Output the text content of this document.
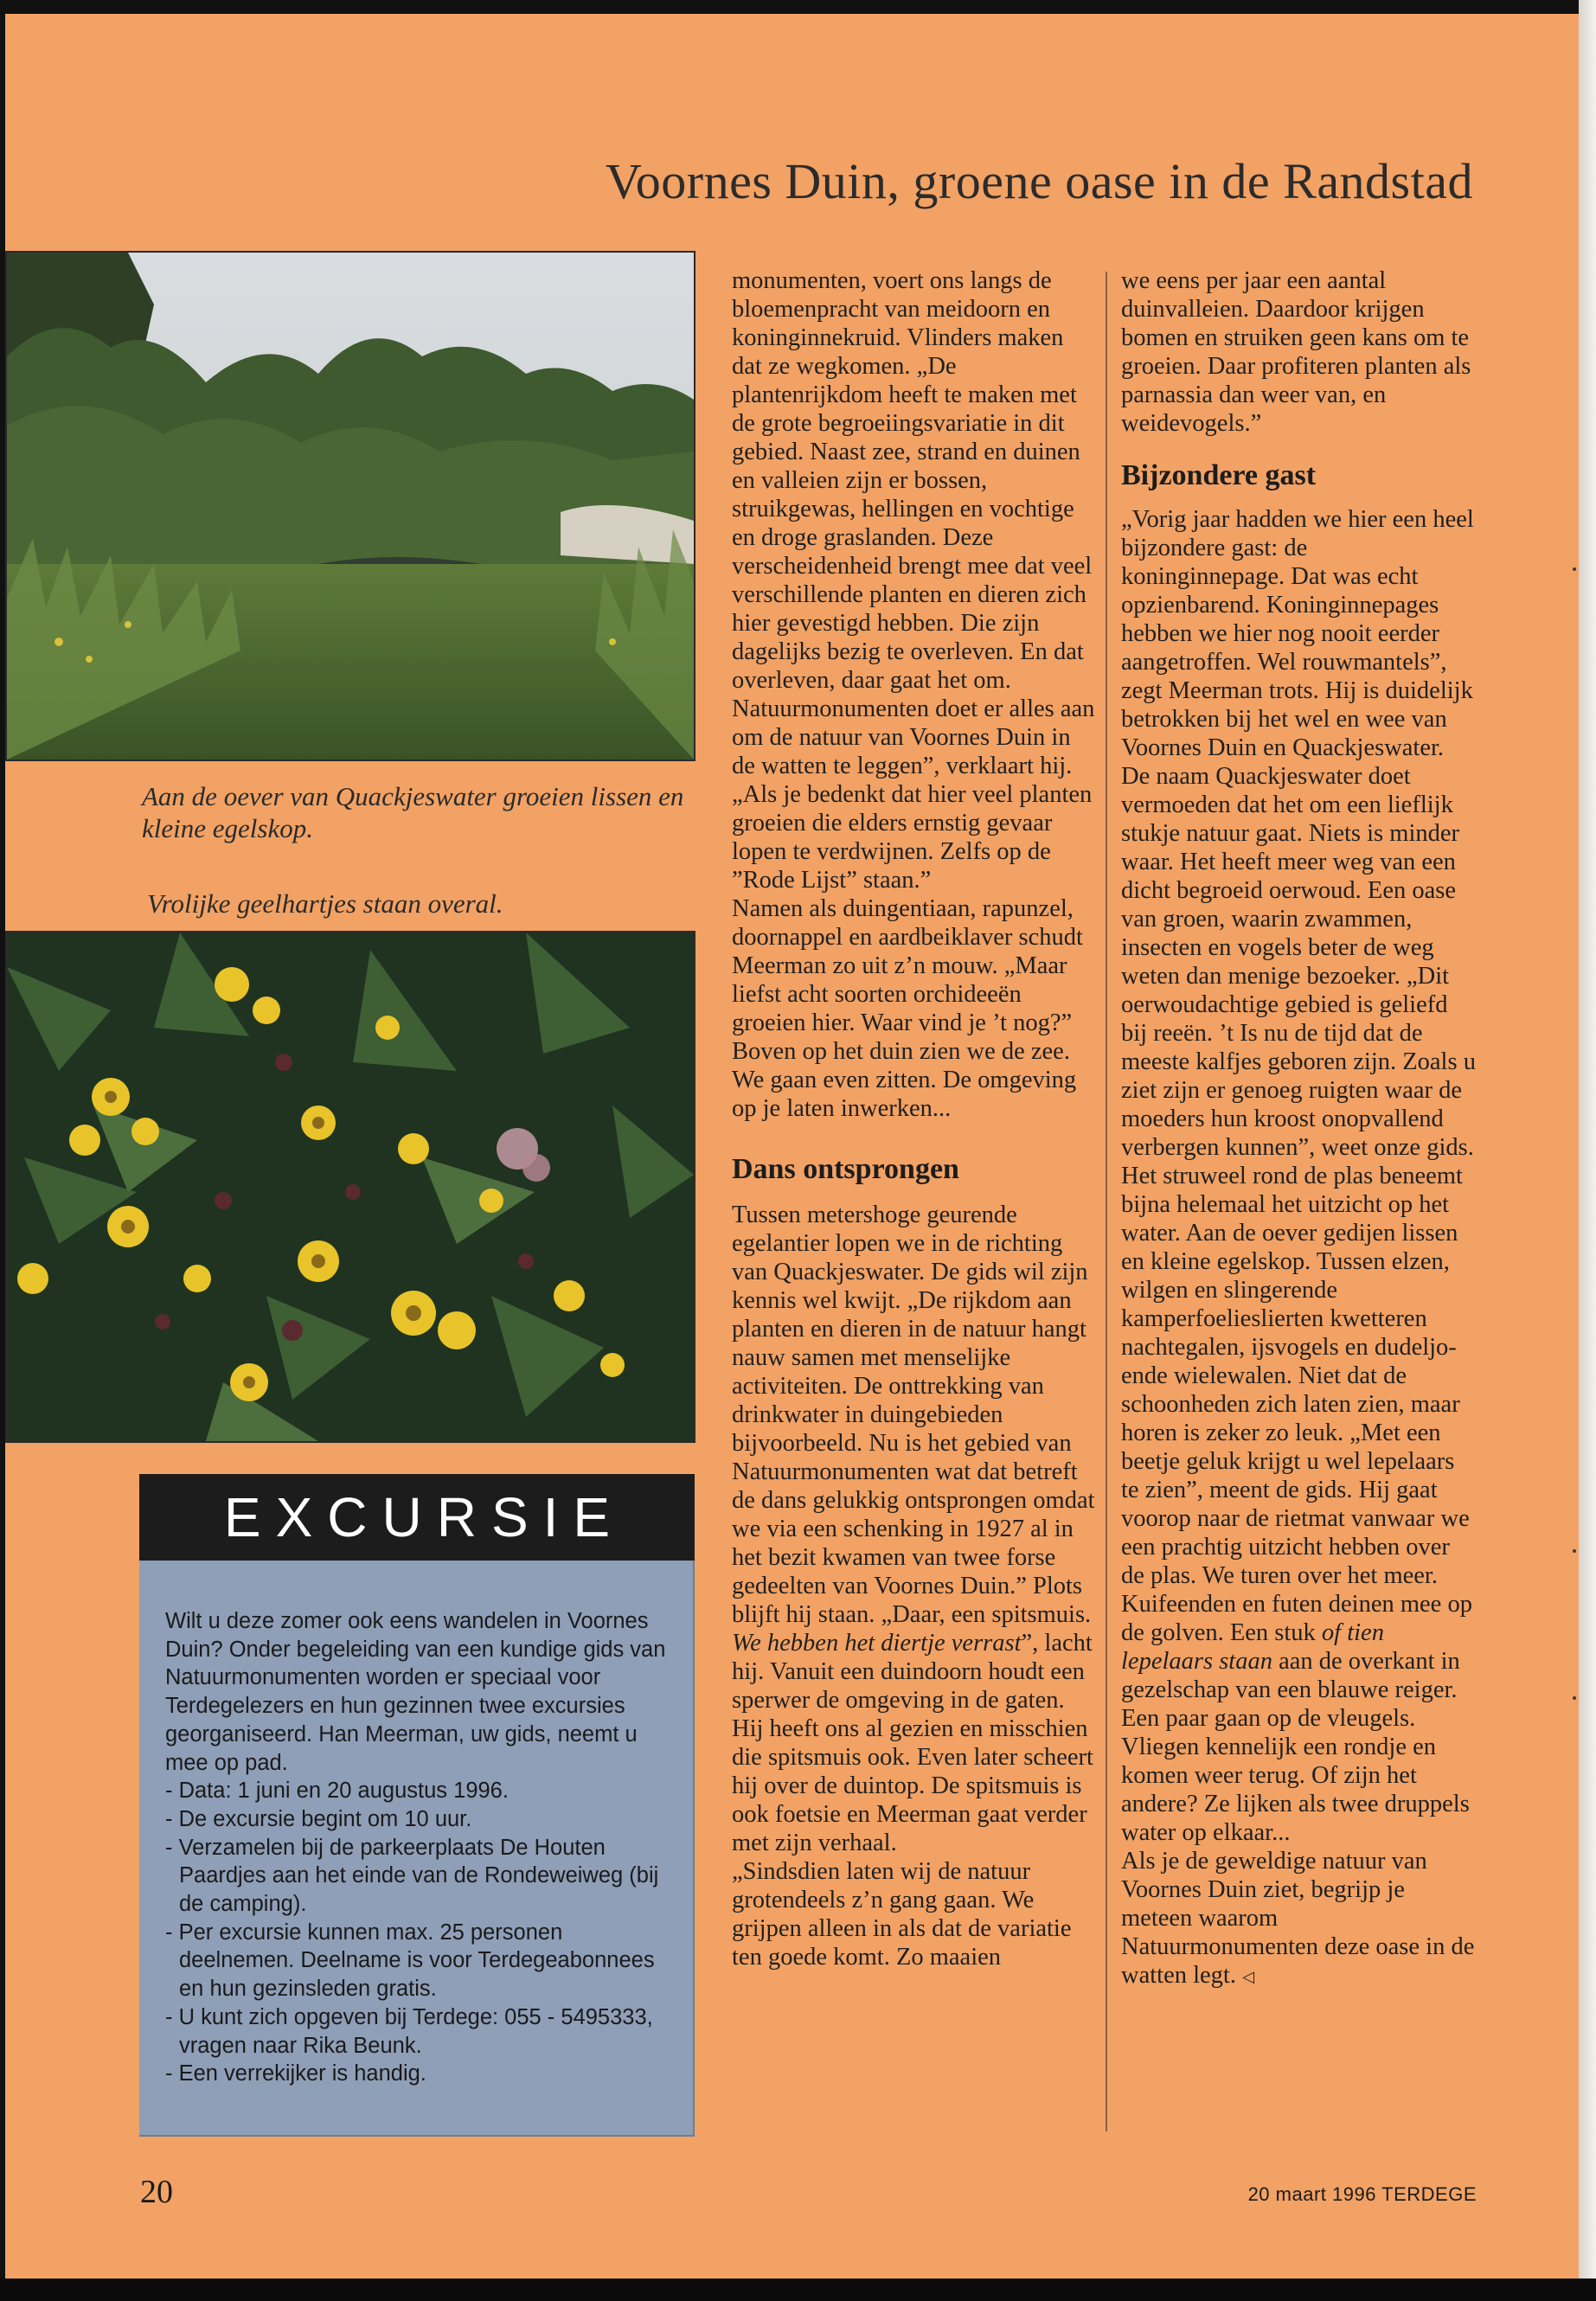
Voornes Duin, groene oase in de Randstad

Aan de oever van Quackjeswater groeien lissen en kleine egelskop.

Vrolijke geelhartjes staan overal.

EXCURSIE

Wilt u deze zomer ook eens wandelen in Voornes Duin? Onder begeleiding van een kundige gids van Natuurmonumenten worden er speciaal voor Terdegelezers en hun gezinnen twee excursies georganiseerd. Han Meerman, uw gids, neemt u mee op pad.

- Data: 1 juni en 20 augustus 1996.
- De excursie begint om 10 uur.
- Verzamelen bij de parkeerplaats De Houten Paardjes aan het einde van de Rondeweiweg (bij de camping).
- Per excursie kunnen max. 25 personen deelnemen. Deelname is voor Terdegeabonnees en hun gezinsleden gratis.
- U kunt zich opgeven bij Terdege: 055 - 5495333, vragen naar Rika Beunk.
- Een verrekijker is handig.

monumenten, voert ons langs de bloemenpracht van meidoorn en koninginnekruid. Vlinders maken dat ze wegkomen. „De plantenrijkdom heeft te maken met de grote begroeiingsvariatie in dit gebied. Naast zee, strand en duinen en valleien zijn er bossen, struikgewas, hellingen en vochtige en droge graslanden. Deze verscheidenheid brengt mee dat veel verschillende planten en dieren zich hier gevestigd hebben. Die zijn dagelijks bezig te overleven. En dat overleven, daar gaat het om. Natuurmonumenten doet er alles aan om de natuur van Voornes Duin in de watten te leggen”, verklaart hij. „Als je bedenkt dat hier veel planten groeien die elders ernstig gevaar lopen te verdwijnen. Zelfs op de ”Rode Lijst” staan.”

Namen als duingentiaan, rapunzel, doornappel en aardbeiklaver schudt Meerman zo uit z’n mouw. „Maar liefst acht soorten orchideeën groeien hier. Waar vind je ’t nog?” Boven op het duin zien we de zee. We gaan even zitten. De omgeving op je laten inwerken...

Dans ontsprongen

Tussen metershoge geurende egelantier lopen we in de richting van Quackjeswater. De gids wil zijn kennis wel kwijt. „De rijkdom aan planten en dieren in de natuur hangt nauw samen met menselijke activiteiten. De onttrekking van drinkwater in duingebieden bijvoorbeeld. Nu is het gebied van Natuurmonumenten wat dat betreft de dans gelukkig ontsprongen omdat we via een schenking in 1927 al in het bezit kwamen van twee forse gedeelten van Voornes Duin.” Plots blijft hij staan. „Daar, een spitsmuis. We hebben het diertje verrast”, lacht hij. Vanuit een duindoorn houdt een sperwer de omgeving in de gaten. Hij heeft ons al gezien en misschien die spitsmuis ook. Even later scheert hij over de duintop. De spitsmuis is ook foetsie en Meerman gaat verder met zijn verhaal.

„Sindsdien laten wij de natuur grotendeels z’n gang gaan. We grijpen alleen in als dat de variatie ten goede komt. Zo maaien

we eens per jaar een aantal duinvalleien. Daardoor krijgen bomen en struiken geen kans om te groeien. Daar profiteren planten als parnassia dan weer van, en weidevogels.”

Bijzondere gast

„Vorig jaar hadden we hier een heel bijzondere gast: de koninginnepage. Dat was echt opzienbarend. Koninginnepages hebben we hier nog nooit eerder aangetroffen. Wel rouwmantels”, zegt Meerman trots. Hij is duidelijk betrokken bij het wel en wee van Voornes Duin en Quackjeswater. De naam Quackjeswater doet vermoeden dat het om een lieflijk stukje natuur gaat. Niets is minder waar. Het heeft meer weg van een dicht begroeid oerwoud. Een oase van groen, waarin zwammen, insecten en vogels beter de weg weten dan menige bezoeker. „Dit oerwoudachtige gebied is geliefd bij reeën. ’t Is nu de tijd dat de meeste kalfjes geboren zijn. Zoals u ziet zijn er genoeg ruigten waar de moeders hun kroost onopvallend verbergen kunnen”, weet onze gids.

Het struweel rond de plas beneemt bijna helemaal het uitzicht op het water. Aan de oever gedijen lissen en kleine egelskop. Tussen elzen, wilgen en slingerende kamperfoelieslierten kwetteren nachtegalen, ijsvogels en dudeljo-ende wielewalen. Niet dat de schoonheden zich laten zien, maar horen is zeker zo leuk. „Met een beetje geluk krijgt u wel lepelaars te zien”, meent de gids. Hij gaat voorop naar de rietmat vanwaar we een prachtig uitzicht hebben over de plas. We turen over het meer. Kuifeenden en futen deinen mee op de golven. Een stuk of tien lepelaars staan aan de overkant in gezelschap van een blauwe reiger. Een paar gaan op de vleugels. Vliegen kennelijk een rondje en komen weer terug. Of zijn het andere? Ze lijken als twee druppels water op elkaar...

Als je de geweldige natuur van Voornes Duin ziet, begrijp je meteen waarom Natuurmonumenten deze oase in de watten legt. ◁

20	20 maart 1996 TERDEGE
